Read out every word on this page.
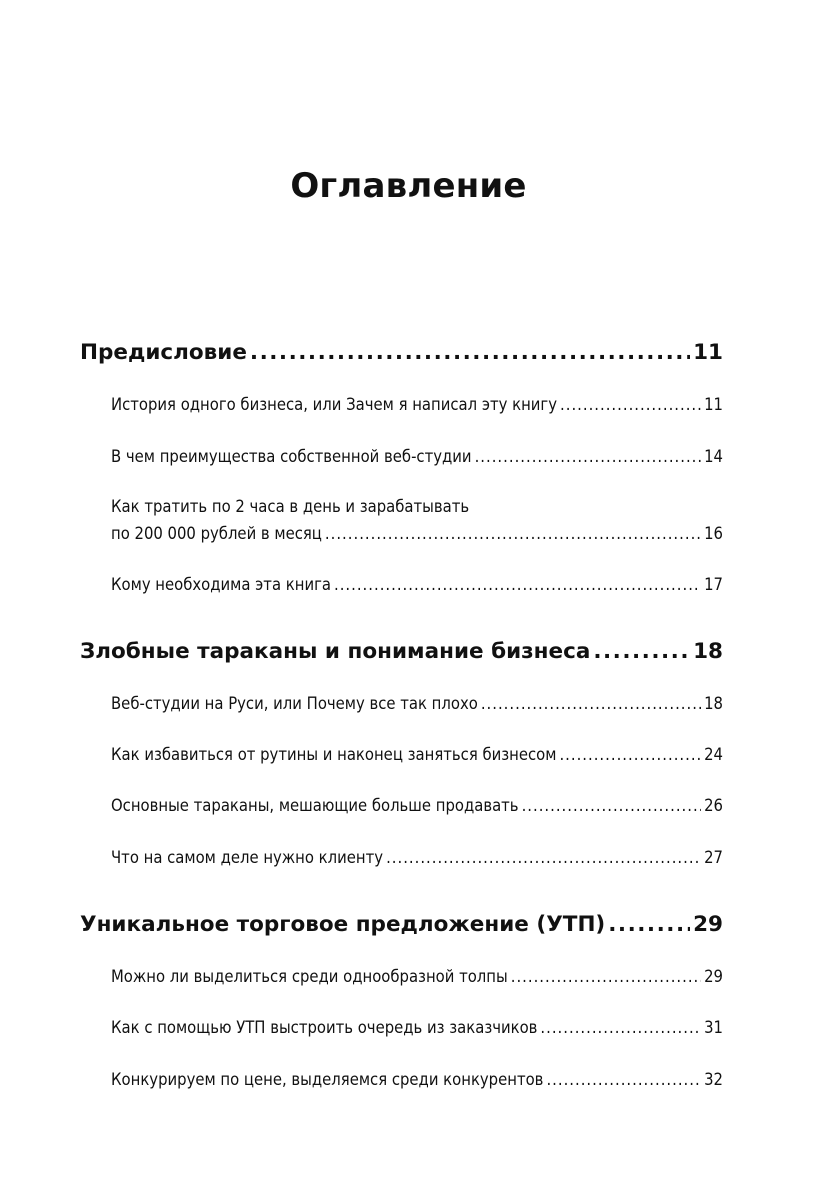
Оглавление
Предисловие .....	11
История одного бизнеса, или Зачем я написал эту книгу .....	11
В чем преимущества собственной веб-студии .....	14
Как тратить по 2 часа в день и зарабатывать
по 200 000 рублей в месяц .....	16
Кому необходима эта книга .....	17
Злобные тараканы и понимание бизнеса .....	18
Веб-студии на Руси, или Почему все так плохо .....	18
Как избавиться от рутины и наконец заняться бизнесом .....	24
Основные тараканы, мешающие больше продавать .....	26
Что на самом деле нужно клиенту .....	27
Уникальное торговое предложение (УТП) .....	29
Можно ли выделиться среди однообразной толпы .....	29
Как с помощью УТП выстроить очередь из заказчиков .....	31
Конкурируем по цене, выделяемся среди конкурентов .....	32
